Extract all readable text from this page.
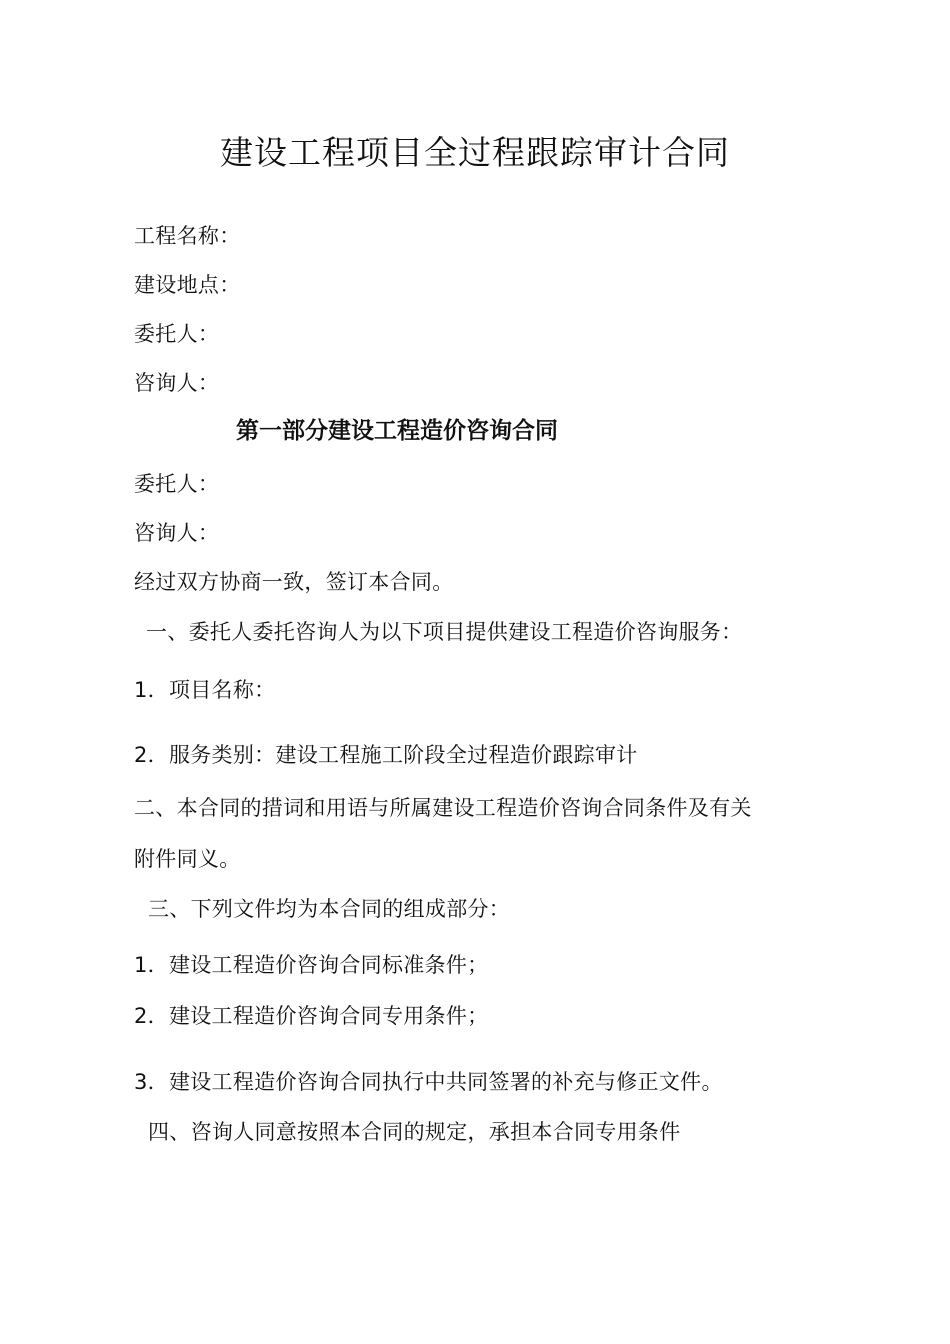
建设工程项目全过程跟踪审计合同
工程名称：
建设地点：
委托人：
咨询人：
第一部分建设工程造价咨询合同
委托人：
咨询人：
经过双方协商一致，签订本合同。
一、委托人委托咨询人为以下项目提供建设工程造价咨询服务：
1．项目名称：
2．服务类别：建设工程施工阶段全过程造价跟踪审计
二、本合同的措词和用语与所属建设工程造价咨询合同条件及有关
附件同义。
三、下列文件均为本合同的组成部分：
1．建设工程造价咨询合同标准条件；
2．建设工程造价咨询合同专用条件；
3．建设工程造价咨询合同执行中共同签署的补充与修正文件。
四、咨询人同意按照本合同的规定，承担本合同专用条件
